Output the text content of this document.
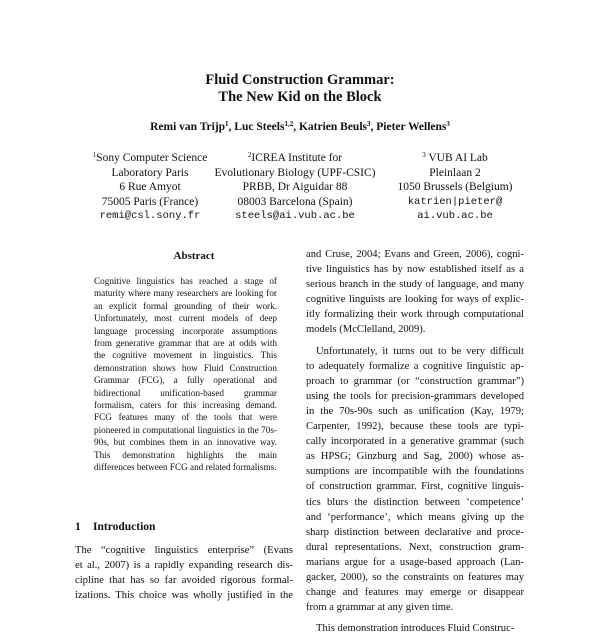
Fluid Construction Grammar:
The New Kid on the Block
Remi van Trijp$^1$, Luc Steels$^{1,2}$, Katrien Beuls$^3$, Pieter Wellens$^3$
$^1$Sony Computer Science
Laboratory Paris
6 Rue Amyot
75005 Paris (France)
remi@csl.sony.fr
$^2$ICREA Institute for
Evolutionary Biology (UPF-CSIC)
PRBB, Dr Aiguidar 88
08003 Barcelona (Spain)
steels@ai.vub.ac.be
$^3$ VUB AI Lab
Pleinlaan 2
1050 Brussels (Belgium)
katrien|pieter@
ai.vub.ac.be
Abstract
Cognitive linguistics has reached a stage of maturity where many researchers are looking for an explicit formal grounding of their work. Unfortunately, most current models of deep language processing incorporate assumptions from generative grammar that are at odds with the cognitive movement in linguistics. This demonstration shows how Fluid Construction Grammar (FCG), a fully operational and bidirectional unification-based grammar formalism, caters for this increasing demand. FCG features many of the tools that were pioneered in computational linguistics in the 70s-90s, but combines them in an innovative way. This demonstration highlights the main differences between FCG and related formalisms.
1 Introduction
The “cognitive linguistics enterprise” (Evans
et al., 2007) is a rapidly expanding research dis-
cipline that has so far avoided rigorous formal-
izations. This choice was wholly justified in the
and Cruse, 2004; Evans and Green, 2006), cogni-
tive linguistics has by now established itself as a
serious branch in the study of language, and many
cognitive linguists are looking for ways of explic-
itly formalizing their work through computational
models (McClelland, 2009).
Unfortunately, it turns out to be very difficult
to adequately formalize a cognitive linguistic ap-
proach to grammar (or “construction grammar”)
using the tools for precision-grammars developed
in the 70s-90s such as unification (Kay, 1979;
Carpenter, 1992), because these tools are typi-
cally incorporated in a generative grammar (such
as HPSG; Ginzburg and Sag, 2000) whose as-
sumptions are incompatible with the foundations
of construction grammar. First, cognitive linguis-
tics blurs the distinction between ‘competence’
and ‘performance’, which means giving up the
sharp distinction between declarative and proce-
dural representations. Next, construction gram-
marians argue for a usage-based approach (Lan-
gacker, 2000), so the constraints on features may
change and features may emerge or disappear
from a grammar at any given time.
This demonstration introduces Fluid Construc-
